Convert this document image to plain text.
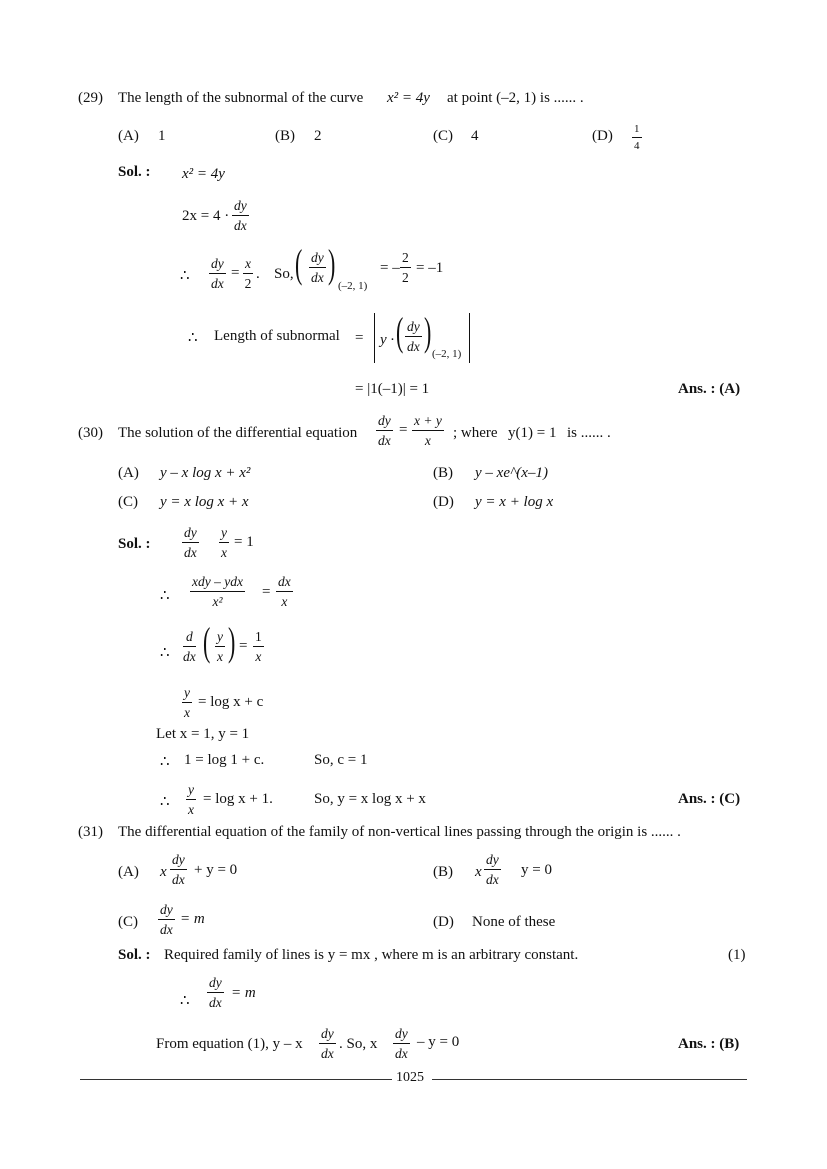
(29) The length of the subnormal of the curve x² = 4y at point (–2, 1) is ...... .
(A) 1	(B) 2	(C) 4	$(D) \frac{1}{4}$
Sol. : x² = 4y
$2x = 4 \cdot \frac{dy}{dx}$
∴ $\frac{dy}{dx} = \frac{x}{2}$ . So, ( $\frac{dy}{dx}$ ) (–2, 1)
= – $\frac{2}{2} = -1$
∴ Length of subnormal = y · ( $\frac{dy}{dx}$ ) (–2, 1)
= |1(–1)| = 1	Ans. : (A)
(30) The solution of the differential equation $\frac{dy}{dx} = \frac{x + y}{x}$ ; where y(1) = 1 is ...... .
(A) y – x log x + x²	(B) y – xe^(x–1)
(C) y = x log x + x	(D) y = x + log x
Sol. : $\frac{dy}{dx} \frac{y}{x} = 1$
∴
xdy – ydx
x²
= $\frac{dx}{x}$
∴ $\frac{d}{dx}$ ( $\frac{y}{x}$ ) = $\frac{1}{x}$
$\frac{y}{x} = \log x + c$
Let x = 1, y = 1
∴ 1 = log 1 + c.	So, c = 1
∴ $\frac{y}{x} = \log x + 1$.	So, y = x log x + x	Ans. : (C)
(31) The differential equation of the family of non-vertical lines passing through the origin is ...... .
(A) x $\frac{dy}{dx} + y = 0$	(B) x $\frac{dy}{dx}$ y = 0
$(C) \frac{dy}{dx} = m$	(D) None of these
Sol. : Required family of lines is y = mx , where m is an arbitrary constant.	(1)
∴ $\frac{dy}{dx} = m$
From equation (1), y – x $\frac{dy}{dx}$ . So, x $\frac{dy}{dx} - y = 0$	Ans. : (B)
1025
